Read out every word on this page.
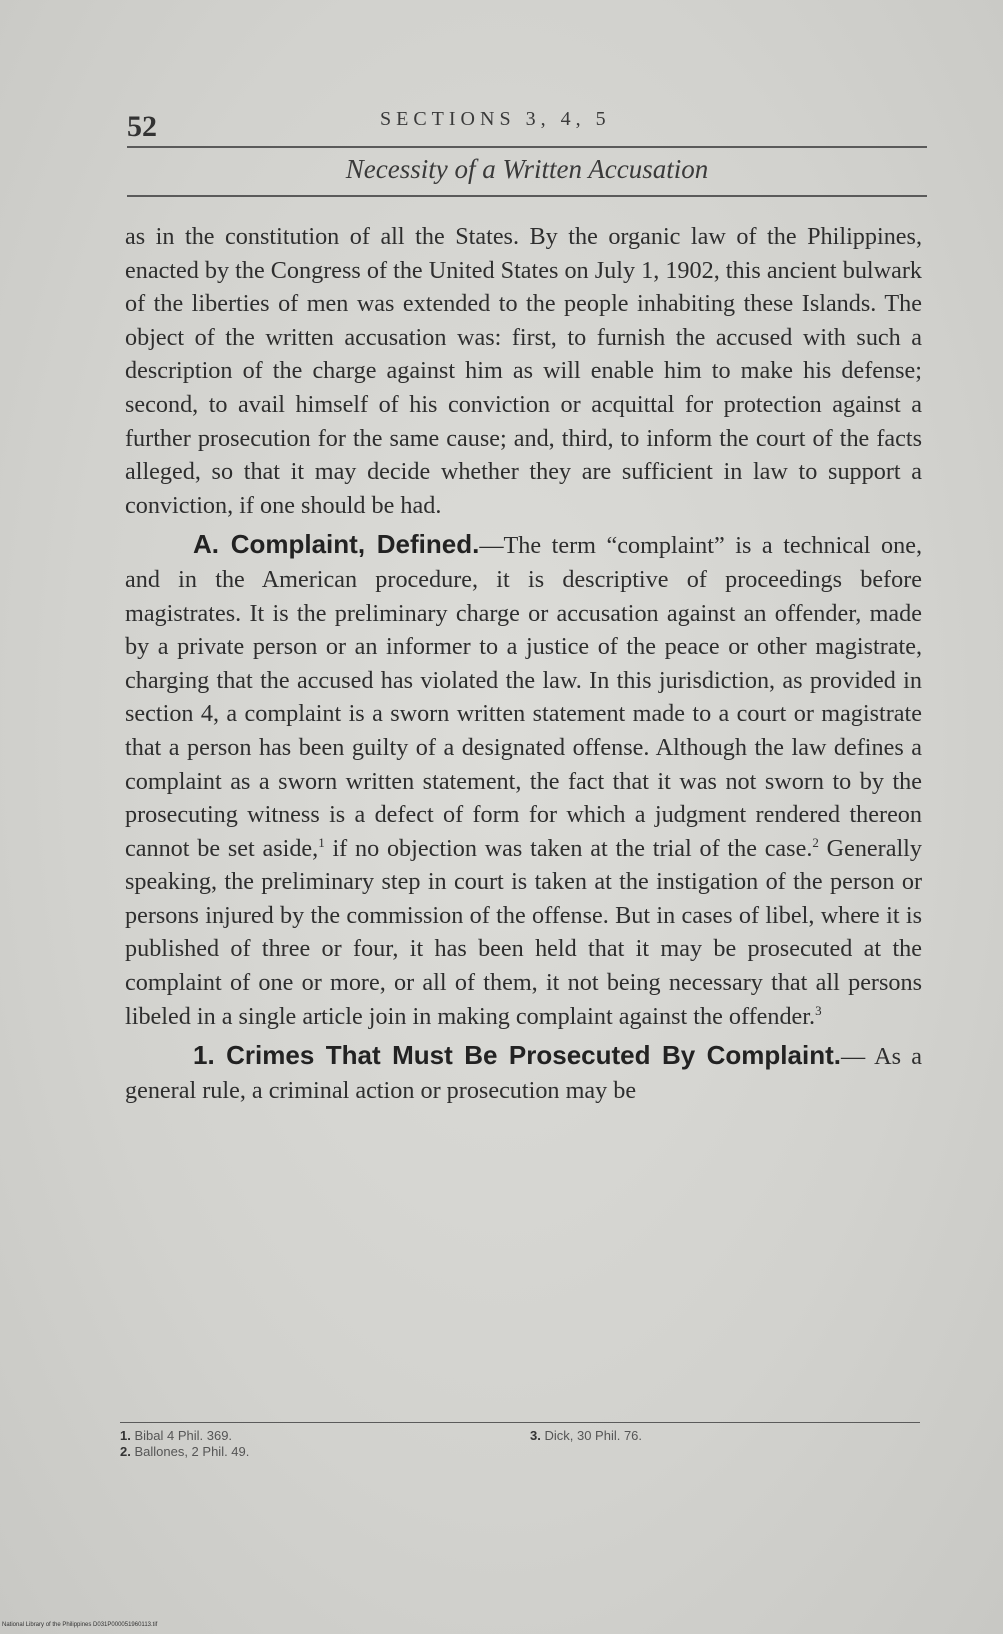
52	SECTIONS 3, 4, 5
Necessity of a Written Accusation

as in the constitution of all the States. By the organic law of the Philippines, enacted by the Congress of the United States on July 1, 1902, this ancient bulwark of the liberties of men was extended to the people inhabiting these Islands. The object of the written accusation was: first, to furnish the accused with such a description of the charge against him as will enable him to make his defense; second, to avail himself of his conviction or acquittal for protection against a further prosecution for the same cause; and, third, to inform the court of the facts alleged, so that it may decide whether they are sufficient in law to support a conviction, if one should be had.

A. Complaint, Defined.—The term “complaint” is a technical one, and in the American procedure, it is descriptive of proceedings before magistrates. It is the preliminary charge or accusation against an offender, made by a private person or an informer to a justice of the peace or other magistrate, charging that the accused has violated the law. In this jurisdiction, as provided in section 4, a complaint is a sworn written statement made to a court or magistrate that a person has been guilty of a designated offense. Although the law defines a complaint as a sworn written statement, the fact that it was not sworn to by the prosecuting witness is a defect of form for which a judgment rendered thereon cannot be set aside,$^1$ if no objection was taken at the trial of the case.$^2$ Generally speaking, the preliminary step in court is taken at the instigation of the person or persons injured by the commission of the offense. But in cases of libel, where it is published of three or four, it has been held that it may be prosecuted at the complaint of one or more, or all of them, it not being necessary that all persons libeled in a single article join in making complaint against the offender.$^3$

1. Crimes That Must Be Prosecuted By Complaint.— As a general rule, a criminal action or prosecution may be

1. Bibal 4 Phil. 369.
2. Ballones, 2 Phil. 49.
3. Dick, 30 Phil. 76.
National Library of the Philippines D031P000051960113.tif
